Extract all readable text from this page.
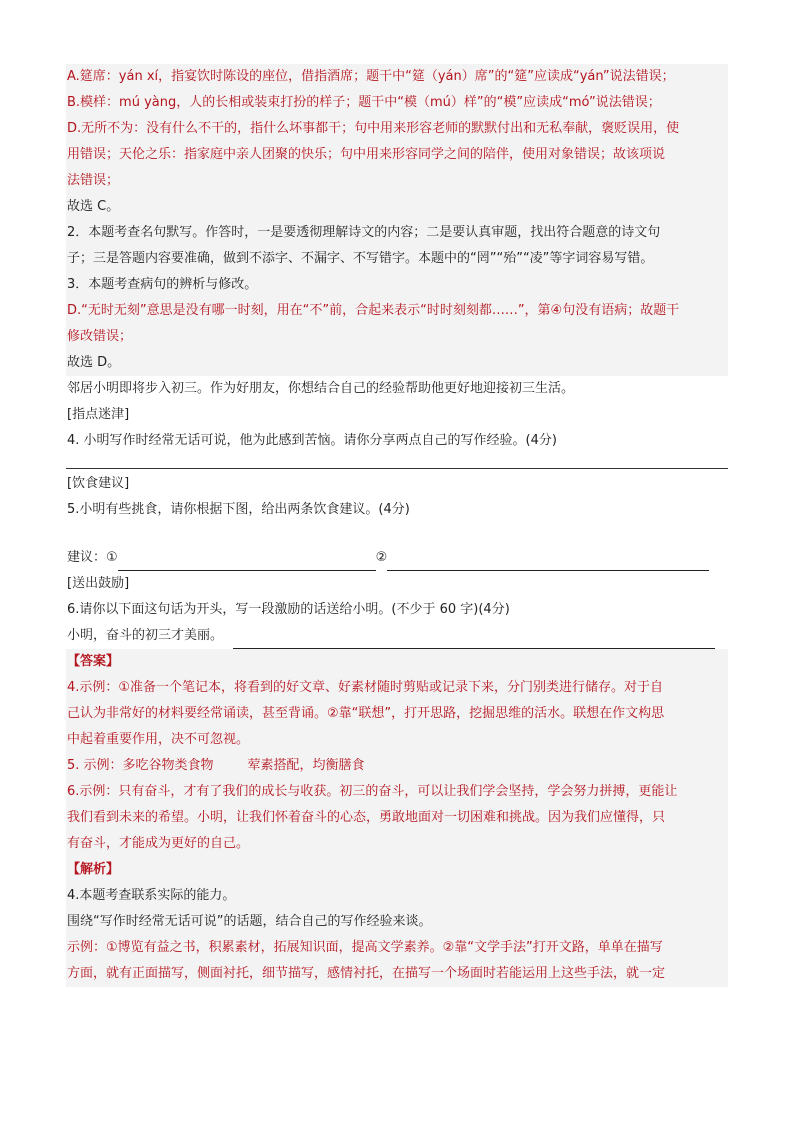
A.筵席：yán xí，指宴饮时陈设的座位，借指酒席；题干中“筵（yán）席”的“筵”应读成“yán”说法错误；
B.模样：mú yàng，人的长相或装束打扮的样子；题干中“模（mú）样”的“模”应读成“mó”说法错误；
D.无所不为：没有什么不干的，指什么坏事都干；句中用来形容老师的默默付出和无私奉献，褒贬误用，使
用错误；天伦之乐：指家庭中亲人团聚的快乐；句中用来形容同学之间的陪伴，使用对象错误；故该项说
法错误；
故选 C。
2．本题考查名句默写。作答时，一是要透彻理解诗文的内容；二是要认真审题，找出符合题意的诗文句
子；三是答题内容要准确，做到不添字、不漏字、不写错字。本题中的“罔”“殆”“凌”等字词容易写错。
3．本题考查病句的辨析与修改。
D.“无时无刻”意思是没有哪一时刻，用在“不”前，合起来表示“时时刻刻都……”，第④句没有语病；故题干
修改错误；
故选 D。
邻居小明即将步入初三。作为好朋友，你想结合自己的经验帮助他更好地迎接初三生活。
[指点迷津]
4. 小明写作时经常无话可说，他为此感到苦恼。请你分享两点自己的写作经验。(4分)
[饮食建议]
5.小明有些挑食，请你根据下图，给出两条饮食建议。(4分)
建议：①	②
[送出鼓励]
6.请你以下面这句话为开头，写一段激励的话送给小明。(不少于 60 字)(4分)
小明，奋斗的初三才美丽。
【答案】
4.示例：①准备一个笔记本，将看到的好文章、好素材随时剪贴或记录下来，分门别类进行储存。对于自
己认为非常好的材料要经常诵读，甚至背诵。②靠“联想”，打开思路，挖掘思维的活水。联想在作文构思
中起着重要作用，决不可忽视。
5. 示例：多吃谷物类食物	荤素搭配，均衡膳食
6.示例：只有奋斗，才有了我们的成长与收获。初三的奋斗，可以让我们学会坚持，学会努力拼搏，更能让
我们看到未来的希望。小明，让我们怀着奋斗的心态，勇敢地面对一切困难和挑战。因为我们应懂得，只
有奋斗，才能成为更好的自己。
【解析】
4.本题考查联系实际的能力。
围绕“写作时经常无话可说”的话题，结合自己的写作经验来谈。
示例：①博览有益之书，积累素材，拓展知识面，提高文学素养。②靠“文学手法”打开文路，单单在描写
方面，就有正面描写，侧面衬托，细节描写，感情衬托，在描写一个场面时若能运用上这些手法，就一定
